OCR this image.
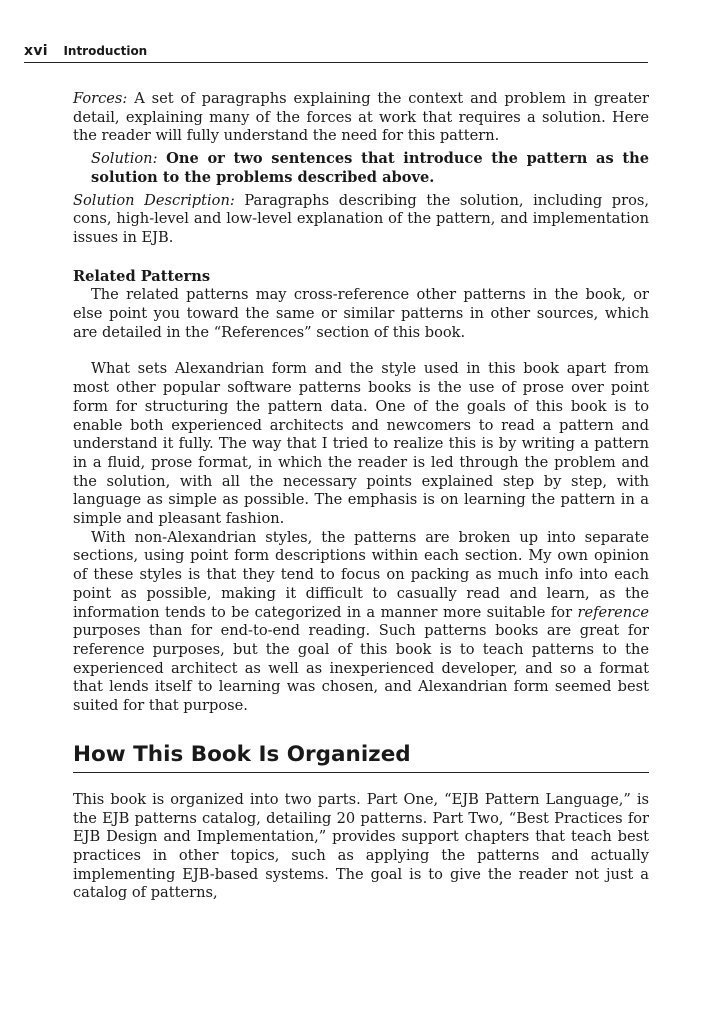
xvi Introduction

Forces: A set of paragraphs explaining the context and problem in greater detail, explaining many of the forces at work that requires a solution. Here the reader will fully understand the need for this pattern.

Solution: One or two sentences that introduce the pattern as the solution to the problems described above.

Solution Description: Paragraphs describing the solution, including pros, cons, high-level and low-level explanation of the pattern, and implementation issues in EJB.

Related Patterns

The related patterns may cross-reference other patterns in the book, or else point you toward the same or similar patterns in other sources, which are detailed in the “References” section of this book.

What sets Alexandrian form and the style used in this book apart from most other popular software patterns books is the use of prose over point form for structuring the pattern data. One of the goals of this book is to enable both experienced architects and newcomers to read a pattern and understand it fully. The way that I tried to realize this is by writing a pattern in a fluid, prose format, in which the reader is led through the problem and the solution, with all the necessary points explained step by step, with language as simple as possible. The emphasis is on learning the pattern in a simple and pleasant fashion.

With non-Alexandrian styles, the patterns are broken up into separate sections, using point form descriptions within each section. My own opinion of these styles is that they tend to focus on packing as much info into each point as possible, making it difficult to casually read and learn, as the information tends to be categorized in a manner more suitable for reference purposes than for end-to-end reading. Such patterns books are great for reference purposes, but the goal of this book is to teach patterns to the experienced architect as well as inexperienced developer, and so a format that lends itself to learning was chosen, and Alexandrian form seemed best suited for that purpose.

How This Book Is Organized

This book is organized into two parts. Part One, “EJB Pattern Language,” is the EJB patterns catalog, detailing 20 patterns. Part Two, “Best Practices for EJB Design and Implementation,” provides support chapters that teach best practices in other topics, such as applying the patterns and actually implementing EJB-based systems. The goal is to give the reader not just a catalog of patterns,
